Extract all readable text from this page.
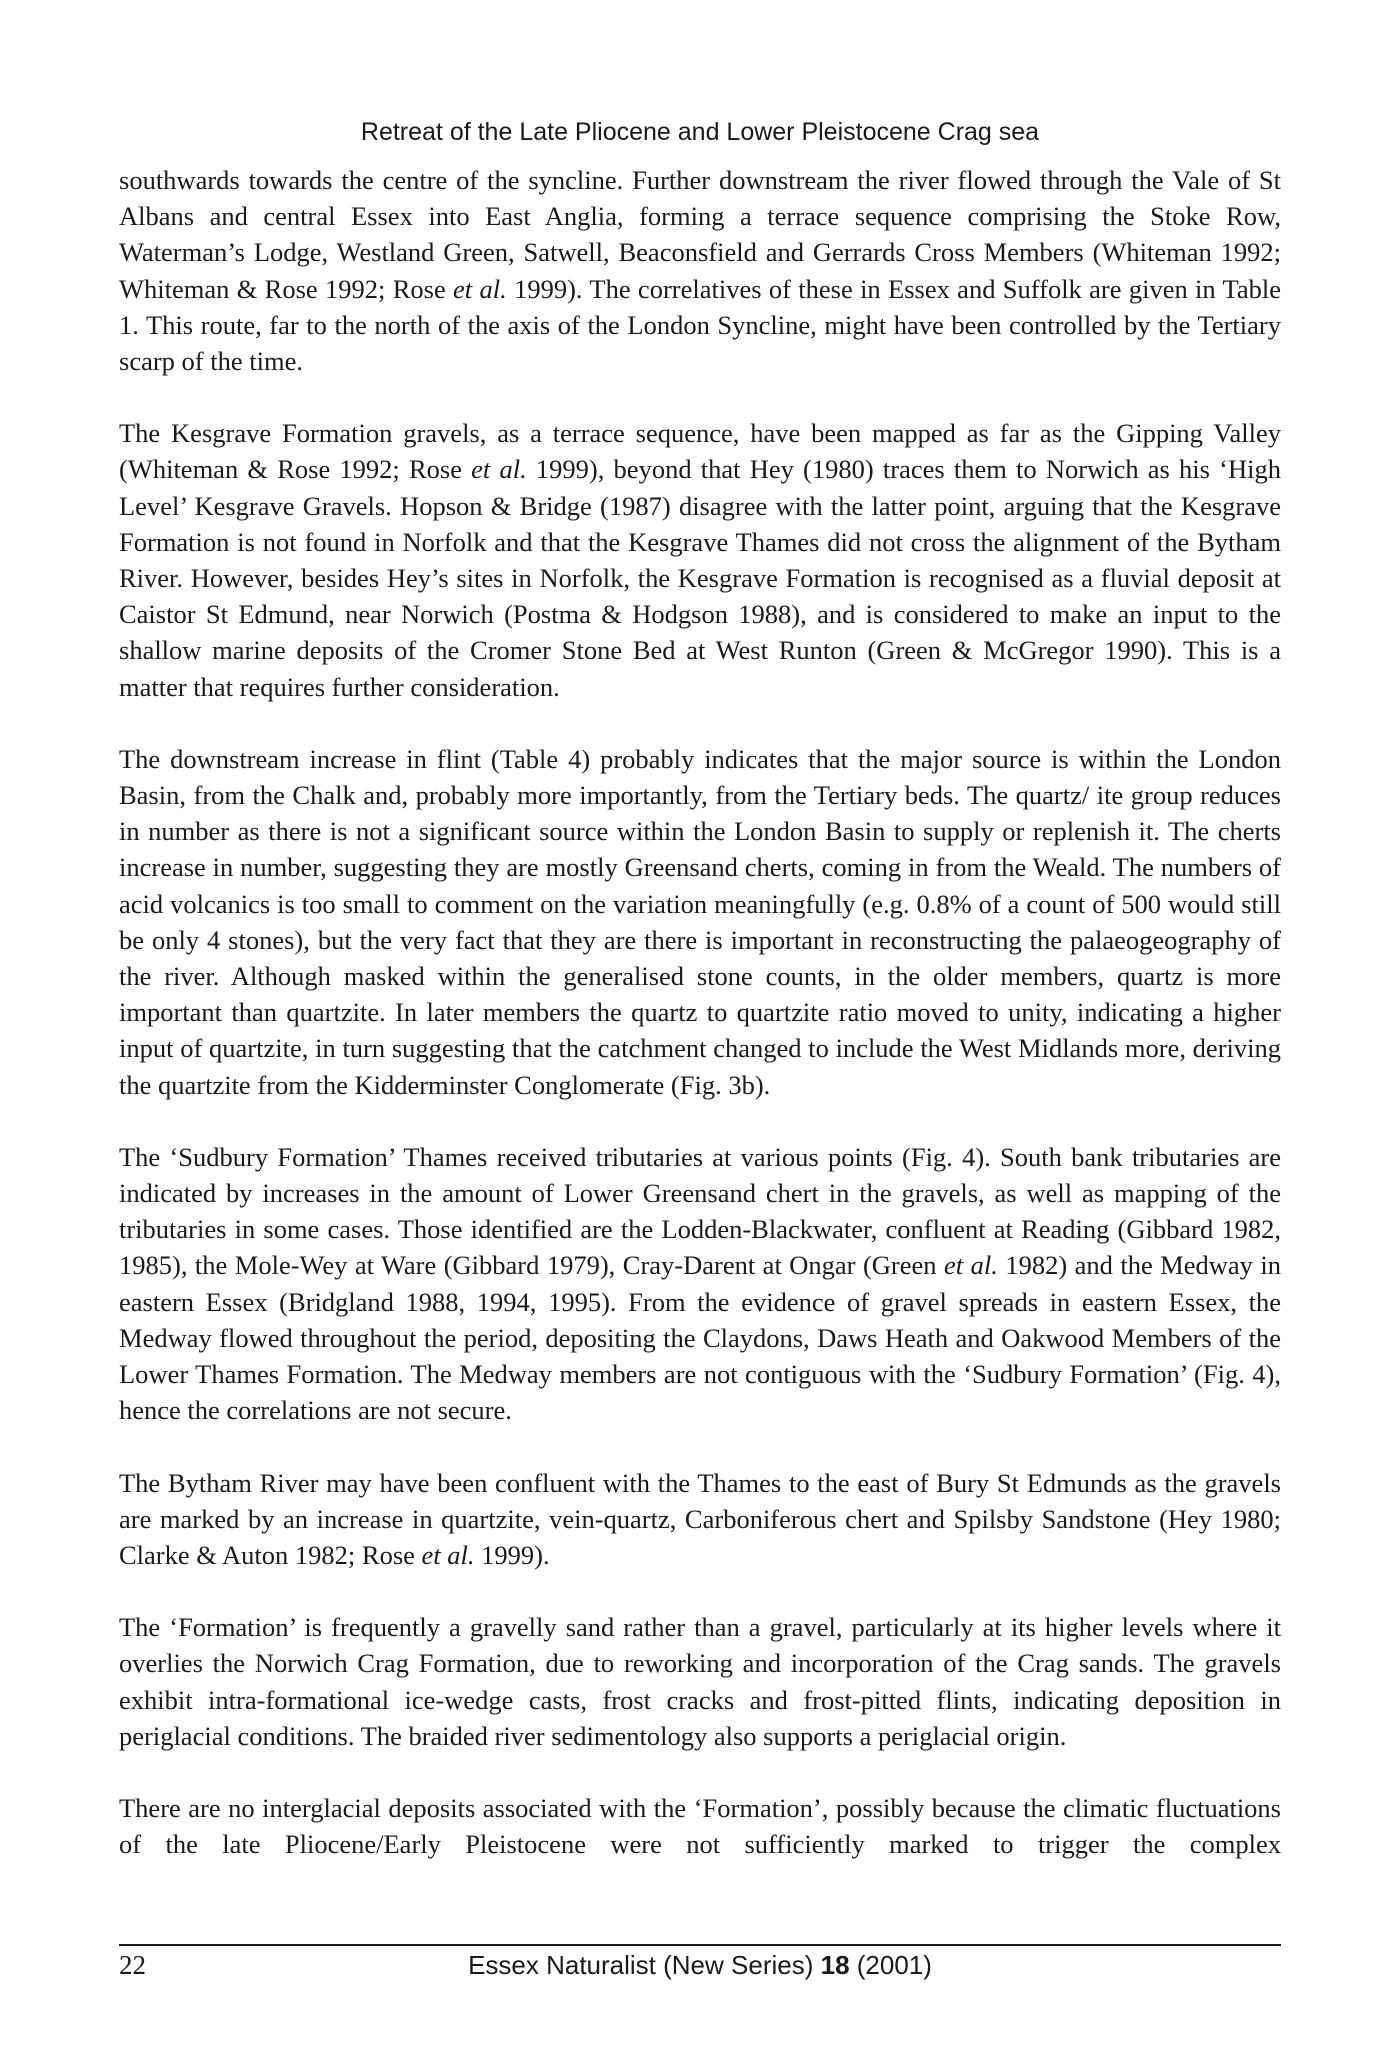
Retreat of the Late Pliocene and Lower Pleistocene Crag sea

southwards towards the centre of the syncline. Further downstream the river flowed through the Vale of St Albans and central Essex into East Anglia, forming a terrace sequence comprising the Stoke Row, Waterman’s Lodge, Westland Green, Satwell, Beaconsfield and Gerrards Cross Members (Whiteman 1992; Whiteman & Rose 1992; Rose et al. 1999). The correlatives of these in Essex and Suffolk are given in Table 1. This route, far to the north of the axis of the London Syncline, might have been controlled by the Tertiary scarp of the time.

The Kesgrave Formation gravels, as a terrace sequence, have been mapped as far as the Gipping Valley (Whiteman & Rose 1992; Rose et al. 1999), beyond that Hey (1980) traces them to Norwich as his ‘High Level’ Kesgrave Gravels. Hopson & Bridge (1987) disagree with the latter point, arguing that the Kesgrave Formation is not found in Norfolk and that the Kesgrave Thames did not cross the alignment of the Bytham River. However, besides Hey’s sites in Norfolk, the Kesgrave Formation is recognised as a fluvial deposit at Caistor St Edmund, near Norwich (Postma & Hodgson 1988), and is considered to make an input to the shallow marine deposits of the Cromer Stone Bed at West Runton (Green & McGregor 1990). This is a matter that requires further consideration.

The downstream increase in flint (Table 4) probably indicates that the major source is within the London Basin, from the Chalk and, probably more importantly, from the Tertiary beds. The quartz/ ite group reduces in number as there is not a significant source within the London Basin to supply or replenish it. The cherts increase in number, suggesting they are mostly Greensand cherts, coming in from the Weald. The numbers of acid volcanics is too small to comment on the variation meaningfully (e.g. 0.8% of a count of 500 would still be only 4 stones), but the very fact that they are there is important in reconstructing the palaeogeography of the river. Although masked within the generalised stone counts, in the older members, quartz is more important than quartzite. In later members the quartz to quartzite ratio moved to unity, indicating a higher input of quartzite, in turn suggesting that the catchment changed to include the West Midlands more, deriving the quartzite from the Kidderminster Conglomerate (Fig. 3b).

The ‘Sudbury Formation’ Thames received tributaries at various points (Fig. 4). South bank tributaries are indicated by increases in the amount of Lower Greensand chert in the gravels, as well as mapping of the tributaries in some cases. Those identified are the Lodden-Blackwater, confluent at Reading (Gibbard 1982, 1985), the Mole-Wey at Ware (Gibbard 1979), Cray-Darent at Ongar (Green et al. 1982) and the Medway in eastern Essex (Bridgland 1988, 1994, 1995). From the evidence of gravel spreads in eastern Essex, the Medway flowed throughout the period, depositing the Claydons, Daws Heath and Oakwood Members of the Lower Thames Formation. The Medway members are not contiguous with the ‘Sudbury Formation’ (Fig. 4), hence the correlations are not secure.

The Bytham River may have been confluent with the Thames to the east of Bury St Edmunds as the gravels are marked by an increase in quartzite, vein-quartz, Carboniferous chert and Spilsby Sandstone (Hey 1980; Clarke & Auton 1982; Rose et al. 1999).

The ‘Formation’ is frequently a gravelly sand rather than a gravel, particularly at its higher levels where it overlies the Norwich Crag Formation, due to reworking and incorporation of the Crag sands. The gravels exhibit intra-formational ice-wedge casts, frost cracks and frost-pitted flints, indicating deposition in periglacial conditions. The braided river sedimentology also supports a periglacial origin.

There are no interglacial deposits associated with the ‘Formation’, possibly because the climatic fluctuations of the late Pliocene/Early Pleistocene were not sufficiently marked to trigger the complex

22	Essex Naturalist (New Series) 18 (2001)
